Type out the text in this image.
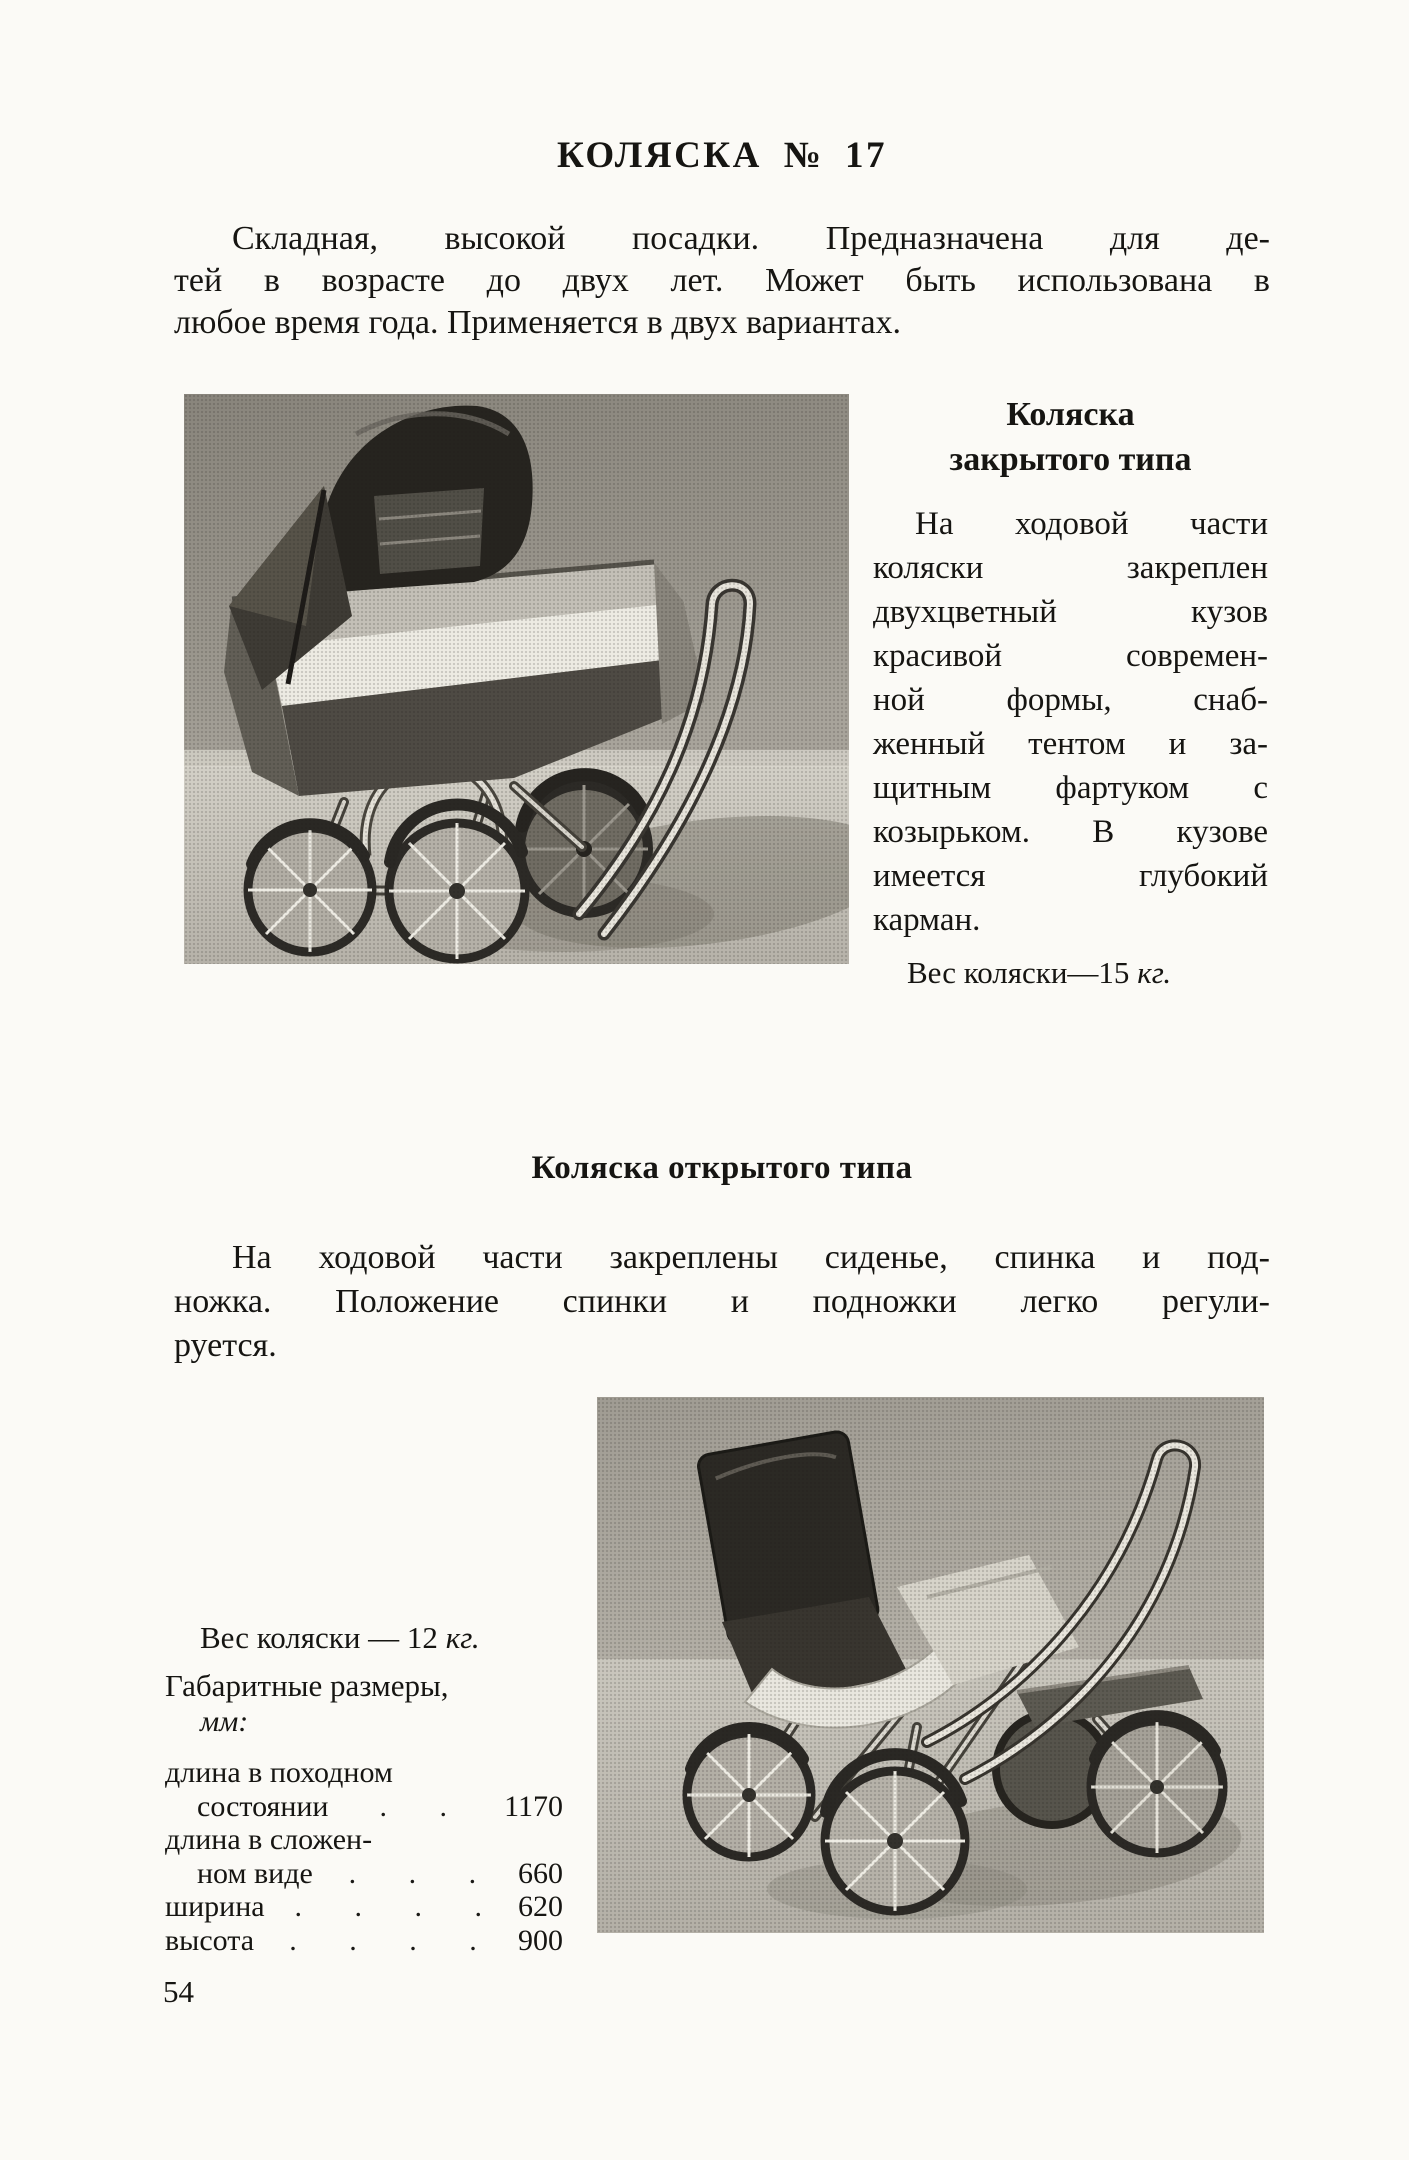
КОЛЯСКА № 17
Складная, высокой посадки. Предназначена для де-
тей в возрасте до двух лет. Может быть использована в
любое время года. Применяется в двух вариантах.
Коляска
закрытого типа
На ходовой части
коляски закреплен
двухцветный кузов
красивой современ-
ной формы, снаб-
женный тентом и за-
щитным фартуком с
козырьком. В кузове
имеется глубокий
карман.
Вес коляски—15 кг.
Коляска открытого типа
На ходовой части закреплены сиденье, спинка и под-
ножка. Положение спинки и подножки легко регули-
руется.
Вес коляски — 12 кг.
Габаритные размеры,
мм:
длина в походном
состоянии	. .	1170
длина в сложен-
ном виде	. . .	660
ширина . . . . 620
высота	. . . .	900
54
